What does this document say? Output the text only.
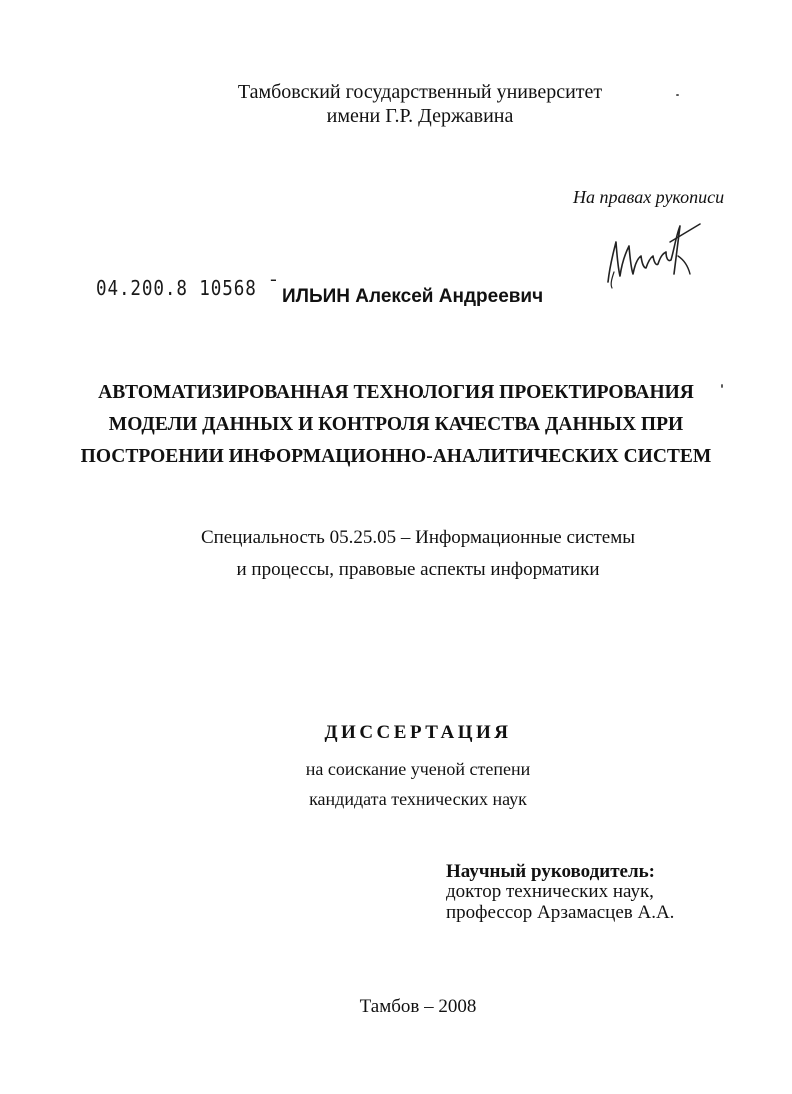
Тамбовский государственный университет
имени Г.Р. Державина
На правах рукописи
04.200.8 10568 ˉ ИЛЬИН Алексей Андреевич
АВТОМАТИЗИРОВАННАЯ ТЕХНОЛОГИЯ ПРОЕКТИРОВАНИЯ
МОДЕЛИ ДАННЫХ И КОНТРОЛЯ КАЧЕСТВА ДАННЫХ ПРИ
ПОСТРОЕНИИ ИНФОРМАЦИОННО-АНАЛИТИЧЕСКИХ СИСТЕМ
Специальность 05.25.05 – Информационные системы
и процессы, правовые аспекты информатики
ДИССЕРТАЦИЯ
на соискание ученой степени
кандидата технических наук
Научный руководитель:
доктор технических наук,
профессор Арзамасцев А.А.
Тамбов – 2008
